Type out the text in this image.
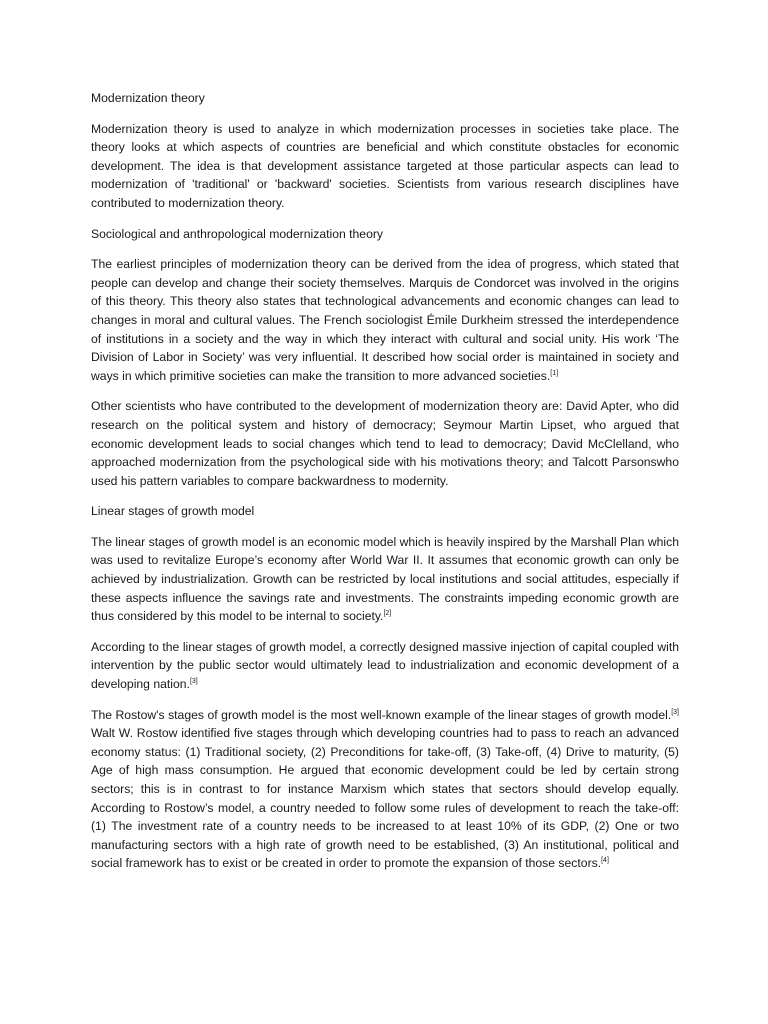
Modernization theory

Modernization theory is used to analyze in which modernization processes in societies take place. The theory looks at which aspects of countries are beneficial and which constitute obstacles for economic development. The idea is that development assistance targeted at those particular aspects can lead to modernization of 'traditional' or 'backward' societies. Scientists from various research disciplines have contributed to modernization theory.

Sociological and anthropological modernization theory

The earliest principles of modernization theory can be derived from the idea of progress, which stated that people can develop and change their society themselves. Marquis de Condorcet was involved in the origins of this theory. This theory also states that technological advancements and economic changes can lead to changes in moral and cultural values. The French sociologist Émile Durkheim stressed the interdependence of institutions in a society and the way in which they interact with cultural and social unity. His work ‘The Division of Labor in Society’ was very influential. It described how social order is maintained in society and ways in which primitive societies can make the transition to more advanced societies.[1]

Other scientists who have contributed to the development of modernization theory are: David Apter, who did research on the political system and history of democracy; Seymour Martin Lipset, who argued that economic development leads to social changes which tend to lead to democracy; David McClelland, who approached modernization from the psychological side with his motivations theory; and Talcott Parsonswho used his pattern variables to compare backwardness to modernity.

Linear stages of growth model

The linear stages of growth model is an economic model which is heavily inspired by the Marshall Plan which was used to revitalize Europe’s economy after World War II. It assumes that economic growth can only be achieved by industrialization. Growth can be restricted by local institutions and social attitudes, especially if these aspects influence the savings rate and investments. The constraints impeding economic growth are thus considered by this model to be internal to society.[2]

According to the linear stages of growth model, a correctly designed massive injection of capital coupled with intervention by the public sector would ultimately lead to industrialization and economic development of a developing nation.[3]

The Rostow's stages of growth model is the most well-known example of the linear stages of growth model.[3] Walt W. Rostow identified five stages through which developing countries had to pass to reach an advanced economy status: (1) Traditional society, (2) Preconditions for take-off, (3) Take-off, (4) Drive to maturity, (5) Age of high mass consumption. He argued that economic development could be led by certain strong sectors; this is in contrast to for instance Marxism which states that sectors should develop equally. According to Rostow’s model, a country needed to follow some rules of development to reach the take-off: (1) The investment rate of a country needs to be increased to at least 10% of its GDP, (2) One or two manufacturing sectors with a high rate of growth need to be established, (3) An institutional, political and social framework has to exist or be created in order to promote the expansion of those sectors.[4]
